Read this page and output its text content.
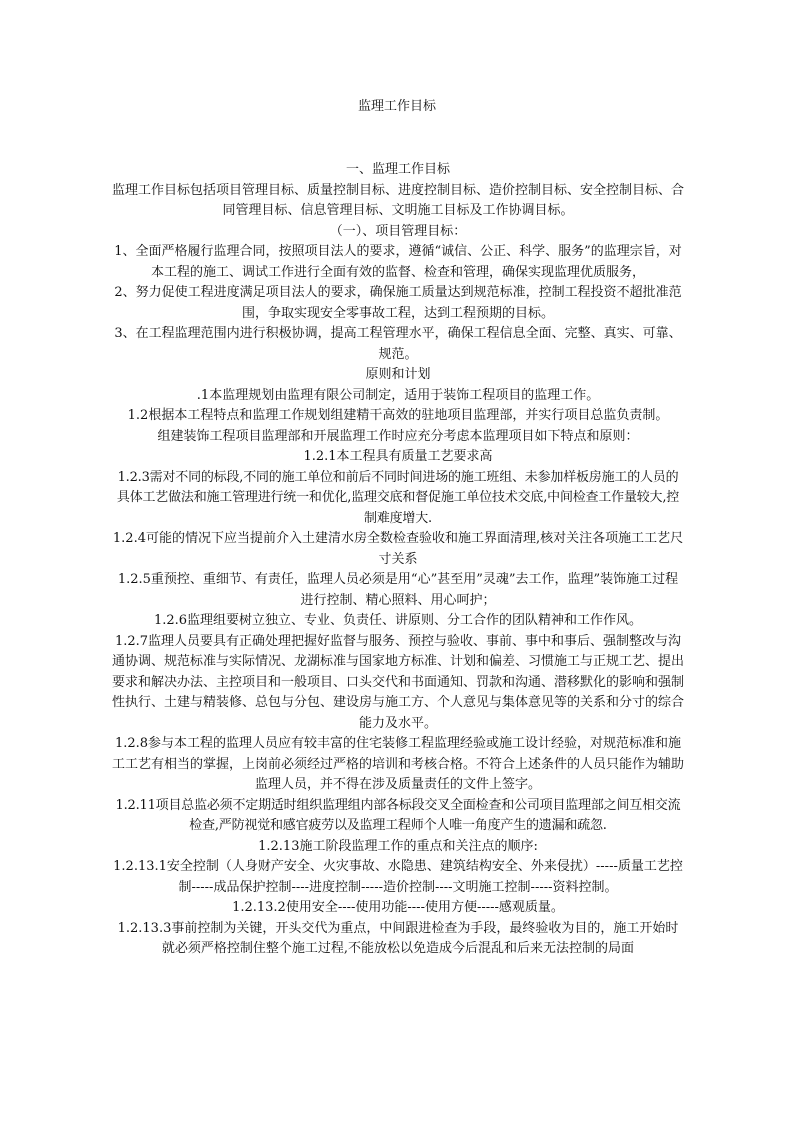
监理工作目标

一、监理工作目标

监理工作目标包括项目管理目标、质量控制目标、进度控制目标、造价控制目标、安全控制目标、合同管理目标、信息管理目标、文明施工目标及工作协调目标。

（一）、项目管理目标：

1、全面严格履行监理合同，按照项目法人的要求，遵循“诚信、公正、科学、服务”的监理宗旨，对本工程的施工、调试工作进行全面有效的监督、检查和管理，确保实现监理优质服务，

2、努力促使工程进度满足项目法人的要求，确保施工质量达到规范标准，控制工程投资不超批准范围，争取实现安全零事故工程，达到工程预期的目标。

3、在工程监理范围内进行积极协调，提高工程管理水平，确保工程信息全面、完整、真实、可靠、规范。

原则和计划

.1本监理规划由监理有限公司制定，适用于装饰工程项目的监理工作。

1.2根据本工程特点和监理工作规划组建精干高效的驻地项目监理部，并实行项目总监负责制。

组建装饰工程项目监理部和开展监理工作时应充分考虑本监理项目如下特点和原则：

1.2.1本工程具有质量工艺要求高

1.2.3需对不同的标段,不同的施工单位和前后不同时间进场的施工班组、未参加样板房施工的人员的具体工艺做法和施工管理进行统一和优化,监理交底和督促施工单位技术交底,中间检查工作量较大,控制难度增大.

1.2.4可能的情况下应当提前介入土建清水房全数检查验收和施工界面清理,核对关注各项施工工艺尺寸关系

1.2.5重预控、重细节、有责任，监理人员必须是用“心”甚至用”灵魂”去工作，监理”装饰施工过程进行控制、精心照料、用心呵护；

1.2.6监理组要树立独立、专业、负责任、讲原则、分工合作的团队精神和工作作风。

1.2.7监理人员要具有正确处理把握好监督与服务、预控与验收、事前、事中和事后、强制整改与沟通协调、规范标准与实际情况、龙湖标准与国家地方标准、计划和偏差、习惯施工与正规工艺、提出要求和解决办法、主控项目和一般项目、口头交代和书面通知、罚款和沟通、潜移默化的影响和强制性执行、土建与精装修、总包与分包、建设房与施工方、个人意见与集体意见等的关系和分寸的综合能力及水平。

1.2.8参与本工程的监理人员应有较丰富的住宅装修工程监理经验或施工设计经验，对规范标准和施工工艺有相当的掌握，上岗前必须经过严格的培训和考核合格。不符合上述条件的人员只能作为辅助监理人员，并不得在涉及质量责任的文件上签字。

1.2.11项目总监必须不定期适时组织监理组内部各标段交叉全面检查和公司项目监理部之间互相交流检查,严防视觉和感官疲劳以及监理工程师个人唯一角度产生的遗漏和疏忽.

1.2.13施工阶段监理工作的重点和关注点的顺序:

1.2.13.1安全控制（人身财产安全、火灾事故、水隐患、建筑结构安全、外来侵扰）-----质量工艺控制-----成品保护控制----进度控制-----造价控制----文明施工控制-----资料控制。

1.2.13.2使用安全----使用功能----使用方便-----感观质量。

1.2.13.3事前控制为关键，开头交代为重点，中间跟进检查为手段，最终验收为目的，施工开始时就必须严格控制住整个施工过程,不能放松以免造成今后混乱和后来无法控制的局面
